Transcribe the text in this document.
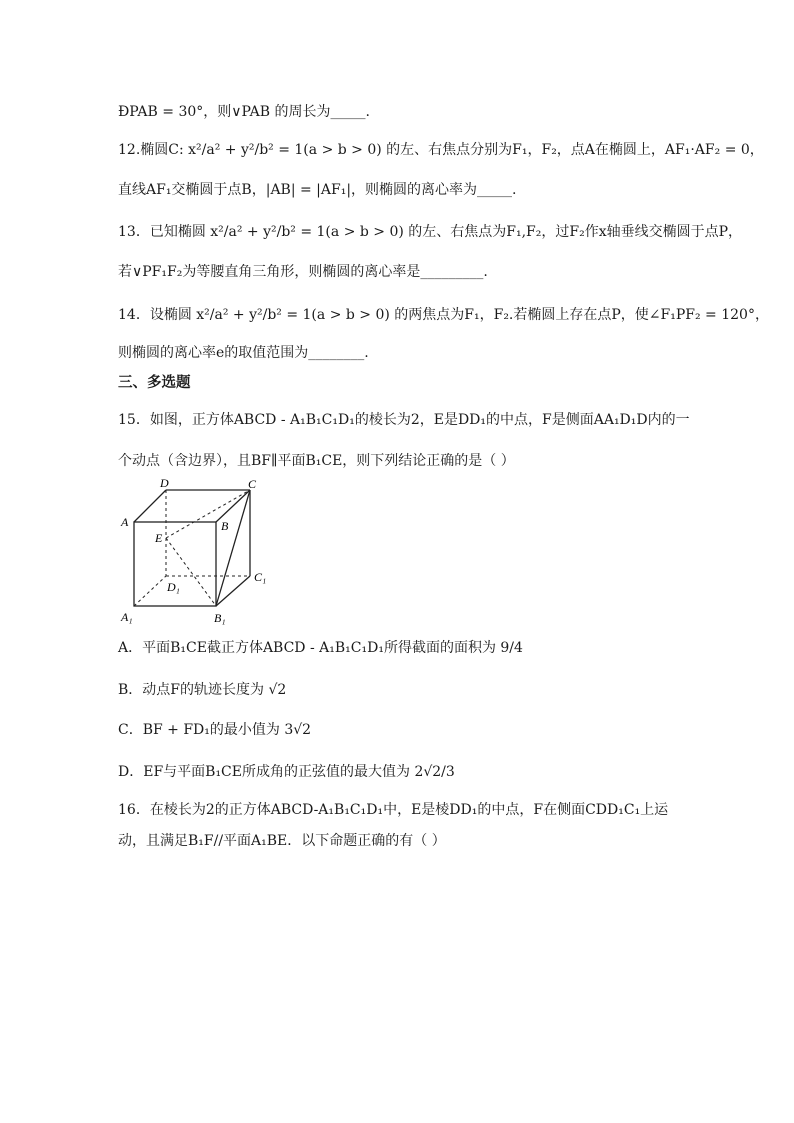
ÐPAB = 30°，则∨PAB 的周长为_____.
12.椭圆C: x²/a² + y²/b² = 1(a > b > 0) 的左、右焦点分别为F₁，F₂，点A在椭圆上，AF₁·AF₂ = 0，
直线AF₁交椭圆于点B，|AB| = |AF₁|，则椭圆的离心率为_____.
13．已知椭圆 x²/a² + y²/b² = 1(a > b > 0) 的左、右焦点为F₁,F₂，过F₂作x轴垂线交椭圆于点P，
若∨PF₁F₂为等腰直角三角形，则椭圆的离心率是_________.
14．设椭圆 x²/a² + y²/b² = 1(a > b > 0) 的两焦点为F₁，F₂.若椭圆上存在点P，使∠F₁PF₂ = 120°，
则椭圆的离心率e的取值范围为________.
三、多选题
15．如图，正方体ABCD - A₁B₁C₁D₁的棱长为2，E是DD₁的中点，F是侧面AA₁D₁D内的一
个动点（含边界），且BF∥平面B₁CE，则下列结论正确的是（ ）
D	C
A	B
E
C₁
D₁
A₁	B₁
A．平面B₁CE截正方体ABCD - A₁B₁C₁D₁所得截面的面积为 9/4
B．动点F的轨迹长度为 √2
C．BF + FD₁的最小值为 3√2
D．EF与平面B₁CE所成角的正弦值的最大值为 2√2/3
16．在棱长为2的正方体ABCD-A₁B₁C₁D₁中，E是棱DD₁的中点，F在侧面CDD₁C₁上运
动，且满足B₁F//平面A₁BE．以下命题正确的有（ ）
